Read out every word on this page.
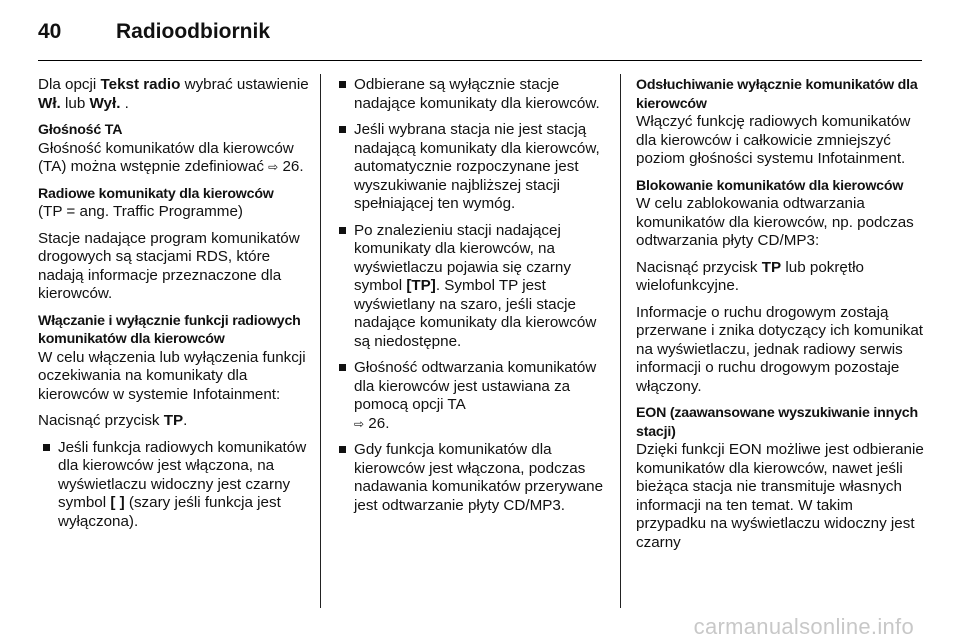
40	Radioodbiornik

Dla opcji Tekst radio wybrać ustawienie Wł. lub Wył. .

Głośność TA
Głośność komunikatów dla kierowców (TA) można wstępnie zdefiniować ⇨ 26.

Radiowe komunikaty dla kierowców
(TP = ang. Traffic Programme)

Stacje nadające program komunikatów drogowych są stacjami RDS, które nadają informacje przeznaczone dla kierowców.

Włączanie i wyłącznie funkcji radiowych komunikatów dla kierowców
W celu włączenia lub wyłączenia funkcji oczekiwania na komunikaty dla kierowców w systemie Infotainment:

Nacisnąć przycisk TP.

Jeśli funkcja radiowych komunikatów dla kierowców jest włączona, na wyświetlaczu widoczny jest czarny symbol [ ] (szary jeśli funkcja jest wyłączona).
Odbierane są wyłącznie stacje nadające komunikaty dla kierowców.
Jeśli wybrana stacja nie jest stacją nadającą komunikaty dla kierowców, automatycznie rozpoczynane jest wyszukiwanie najbliższej stacji spełniającej ten wymóg.
Po znalezieniu stacji nadającej komunikaty dla kierowców, na wyświetlaczu pojawia się czarny symbol [TP]. Symbol TP jest wyświetlany na szaro, jeśli stacje nadające komunikaty dla kierowców są niedostępne.
Głośność odtwarzania komunikatów dla kierowców jest ustawiana za pomocą opcji TA
⇨ 26.
Gdy funkcja komunikatów dla kierowców jest włączona, podczas nadawania komunikatów przerywane jest odtwarzanie płyty CD/MP3.

Odsłuchiwanie wyłącznie komunikatów dla kierowców
Włączyć funkcję radiowych komunikatów dla kierowców i całkowicie zmniejszyć poziom głośności systemu Infotainment.

Blokowanie komunikatów dla kierowców
W celu zablokowania odtwarzania komunikatów dla kierowców, np. podczas odtwarzania płyty CD/MP3:

Nacisnąć przycisk TP lub pokrętło wielofunkcyjne.

Informacje o ruchu drogowym zostają przerwane i znika dotyczący ich komunikat na wyświetlaczu, jednak radiowy serwis informacji o ruchu drogowym pozostaje włączony.

EON (zaawansowane wyszukiwanie innych stacji)
Dzięki funkcji EON możliwe jest odbieranie komunikatów dla kierowców, nawet jeśli bieżąca stacja nie transmituje własnych informacji na ten temat. W takim przypadku na wyświetlaczu widoczny jest czarny

carmanualsonline.info
